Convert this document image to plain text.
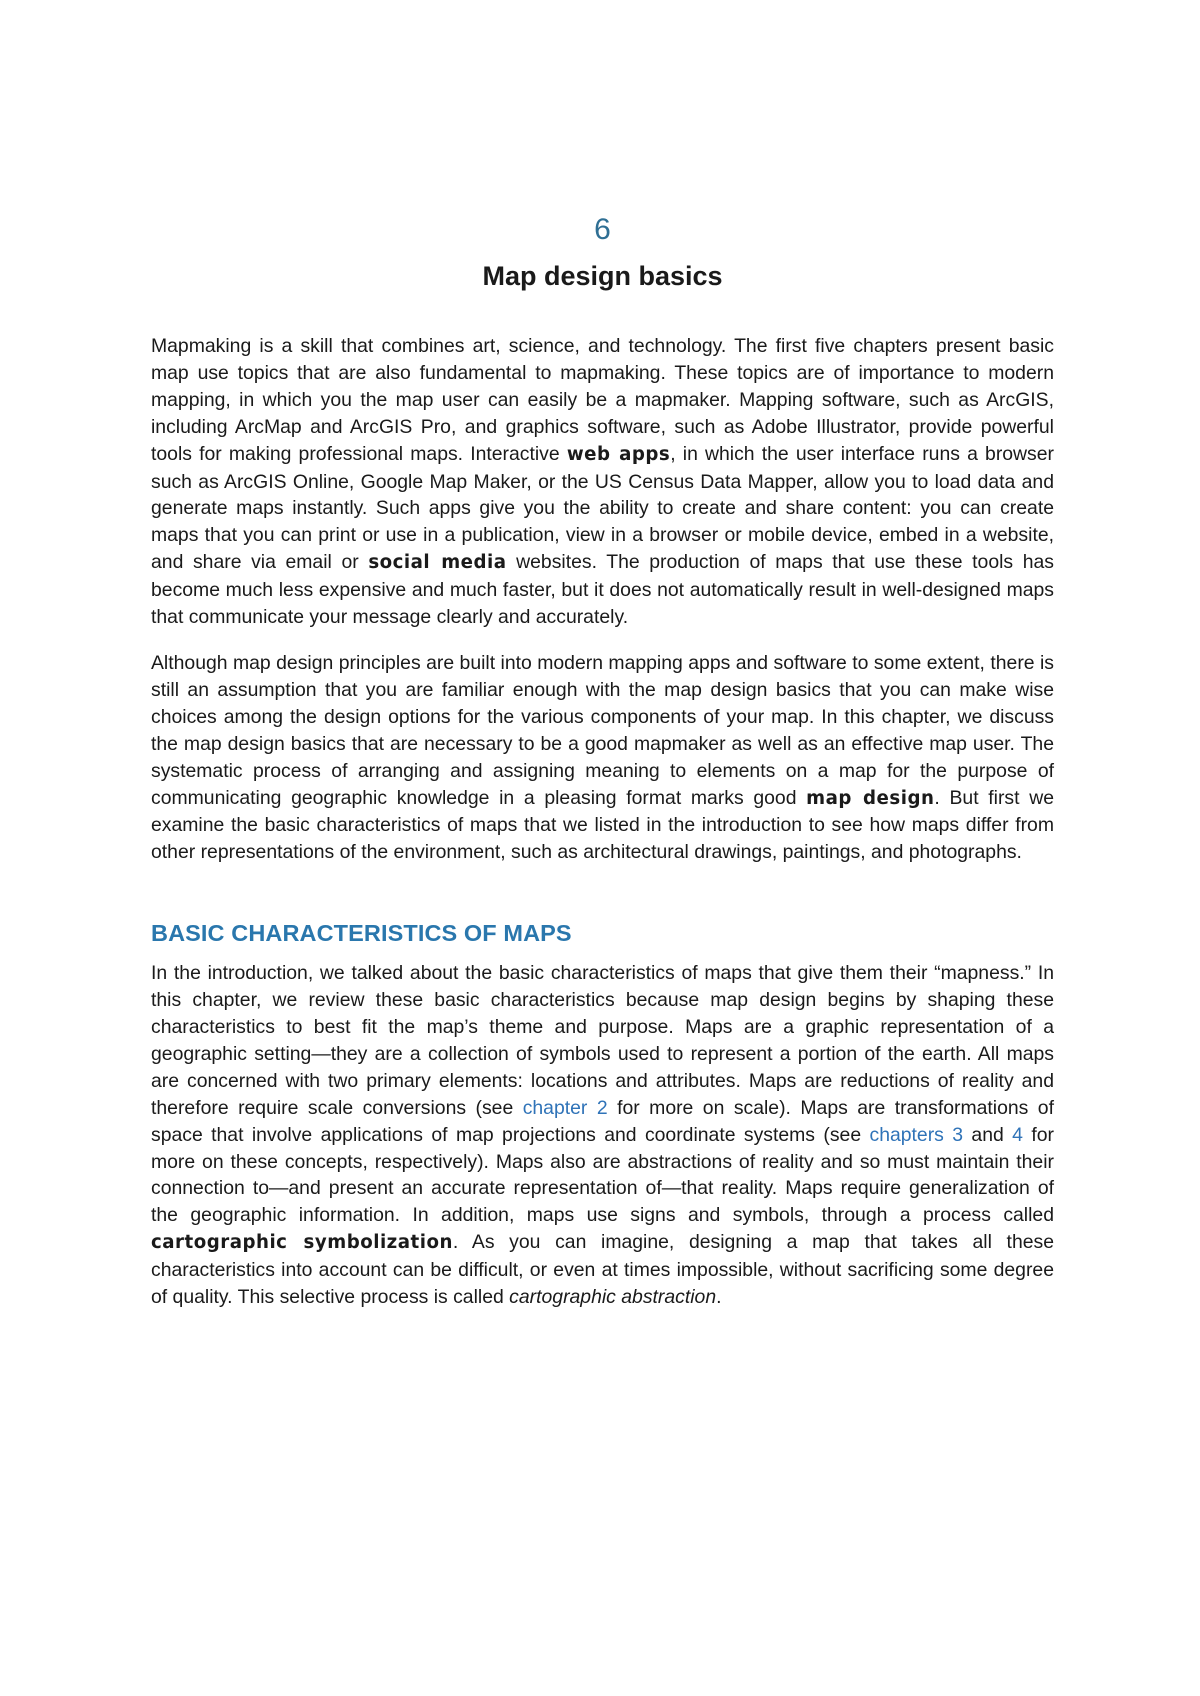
6
Map design basics

Mapmaking is a skill that combines art, science, and technology. The first five chapters present basic map use topics that are also fundamental to mapmaking. These topics are of importance to modern mapping, in which you the map user can easily be a mapmaker. Mapping software, such as ArcGIS, including ArcMap and ArcGIS Pro, and graphics software, such as Adobe Illustrator, provide powerful tools for making professional maps. Interactive web apps, in which the user interface runs a browser such as ArcGIS Online, Google Map Maker, or the US Census Data Mapper, allow you to load data and generate maps instantly. Such apps give you the ability to create and share content: you can create maps that you can print or use in a publication, view in a browser or mobile device, embed in a website, and share via email or social media websites. The production of maps that use these tools has become much less expensive and much faster, but it does not automatically result in well-designed maps that communicate your message clearly and accurately.

Although map design principles are built into modern mapping apps and software to some extent, there is still an assumption that you are familiar enough with the map design basics that you can make wise choices among the design options for the various components of your map. In this chapter, we discuss the map design basics that are necessary to be a good mapmaker as well as an effective map user. The systematic process of arranging and assigning meaning to elements on a map for the purpose of communicating geographic knowledge in a pleasing format marks good map design. But first we examine the basic characteristics of maps that we listed in the introduction to see how maps differ from other representations of the environment, such as architectural drawings, paintings, and photographs.

BASIC CHARACTERISTICS OF MAPS

In the introduction, we talked about the basic characteristics of maps that give them their “mapness.” In this chapter, we review these basic characteristics because map design begins by shaping these characteristics to best fit the map’s theme and purpose. Maps are a graphic representation of a geographic setting—they are a collection of symbols used to represent a portion of the earth. All maps are concerned with two primary elements: locations and attributes. Maps are reductions of reality and therefore require scale conversions (see chapter 2 for more on scale). Maps are transformations of space that involve applications of map projections and coordinate systems (see chapters 3 and 4 for more on these concepts, respectively). Maps also are abstractions of reality and so must maintain their connection to—and present an accurate representation of—that reality. Maps require generalization of the geographic information. In addition, maps use signs and symbols, through a process called cartographic symbolization. As you can imagine, designing a map that takes all these characteristics into account can be difficult, or even at times impossible, without sacrificing some degree of quality. This selective process is called cartographic abstraction.
